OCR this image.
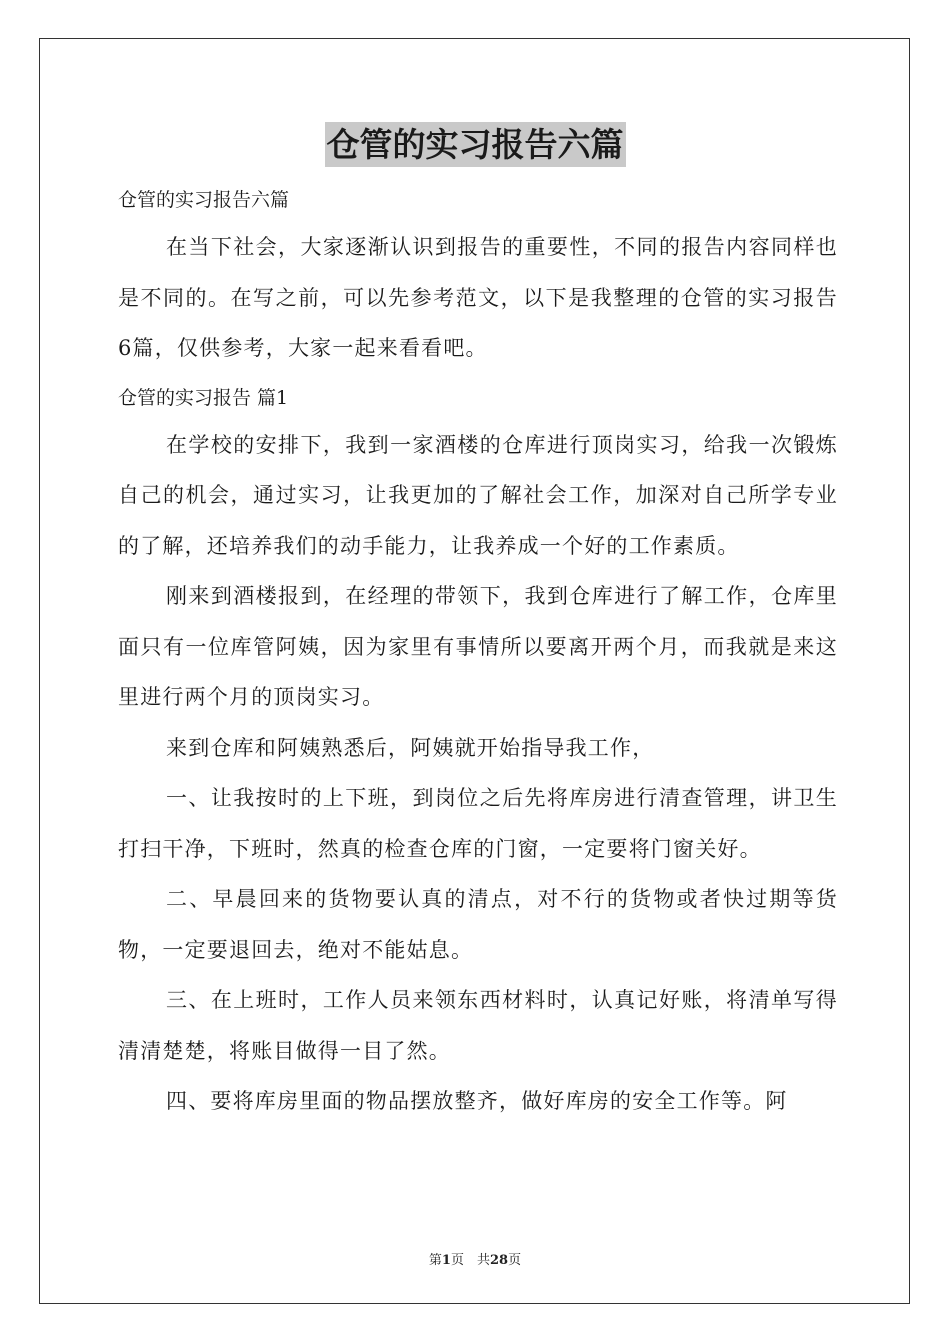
仓管的实习报告六篇

仓管的实习报告六篇

在当下社会，大家逐渐认识到报告的重要性，不同的报告内容同样也是不同的。在写之前，可以先参考范文，以下是我整理的仓管的实习报告6篇，仅供参考，大家一起来看看吧。

仓管的实习报告 篇1

在学校的安排下，我到一家酒楼的仓库进行顶岗实习，给我一次锻炼自己的机会，通过实习，让我更加的了解社会工作，加深对自己所学专业的了解，还培养我们的动手能力，让我养成一个好的工作素质。

刚来到酒楼报到，在经理的带领下，我到仓库进行了解工作，仓库里面只有一位库管阿姨，因为家里有事情所以要离开两个月，而我就是来这里进行两个月的顶岗实习。

来到仓库和阿姨熟悉后，阿姨就开始指导我工作，

一、让我按时的上下班，到岗位之后先将库房进行清查管理，讲卫生打扫干净，下班时，然真的检查仓库的门窗，一定要将门窗关好。

二、早晨回来的货物要认真的清点，对不行的货物或者快过期等货物，一定要退回去，绝对不能姑息。

三、在上班时，工作人员来领东西材料时，认真记好账，将清单写得清清楚楚，将账目做得一目了然。

四、要将库房里面的物品摆放整齐，做好库房的安全工作等。阿

第1页　共28页
